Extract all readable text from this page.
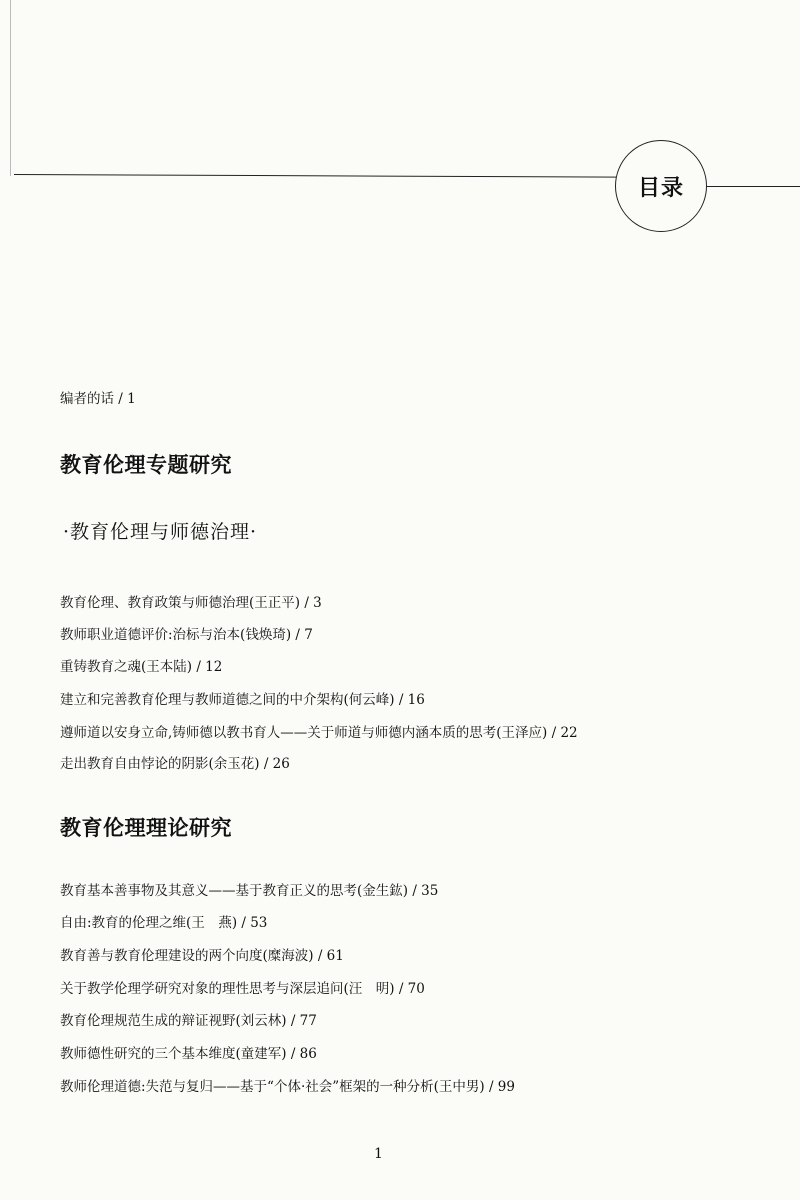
目录
编者的话 / 1
教育伦理专题研究
·教育伦理与师德治理·
教育伦理、教育政策与师德治理(王正平) / 3
教师职业道德评价:治标与治本(钱焕琦) / 7
重铸教育之魂(王本陆) / 12
建立和完善教育伦理与教师道德之间的中介架构(何云峰) / 16
遵师道以安身立命,铸师德以教书育人——关于师道与师德内涵本质的思考(王泽应) / 22
走出教育自由悖论的阴影(余玉花) / 26
教育伦理理论研究
教育基本善事物及其意义——基于教育正义的思考(金生鈜) / 35
自由:教育的伦理之维(王　燕) / 53
教育善与教育伦理建设的两个向度(糜海波) / 61
关于教学伦理学研究对象的理性思考与深层追问(汪　明) / 70
教育伦理规范生成的辩证视野(刘云林) / 77
教师德性研究的三个基本维度(童建军) / 86
教师伦理道德:失范与复归——基于“个体·社会”框架的一种分析(王中男) / 99
1
